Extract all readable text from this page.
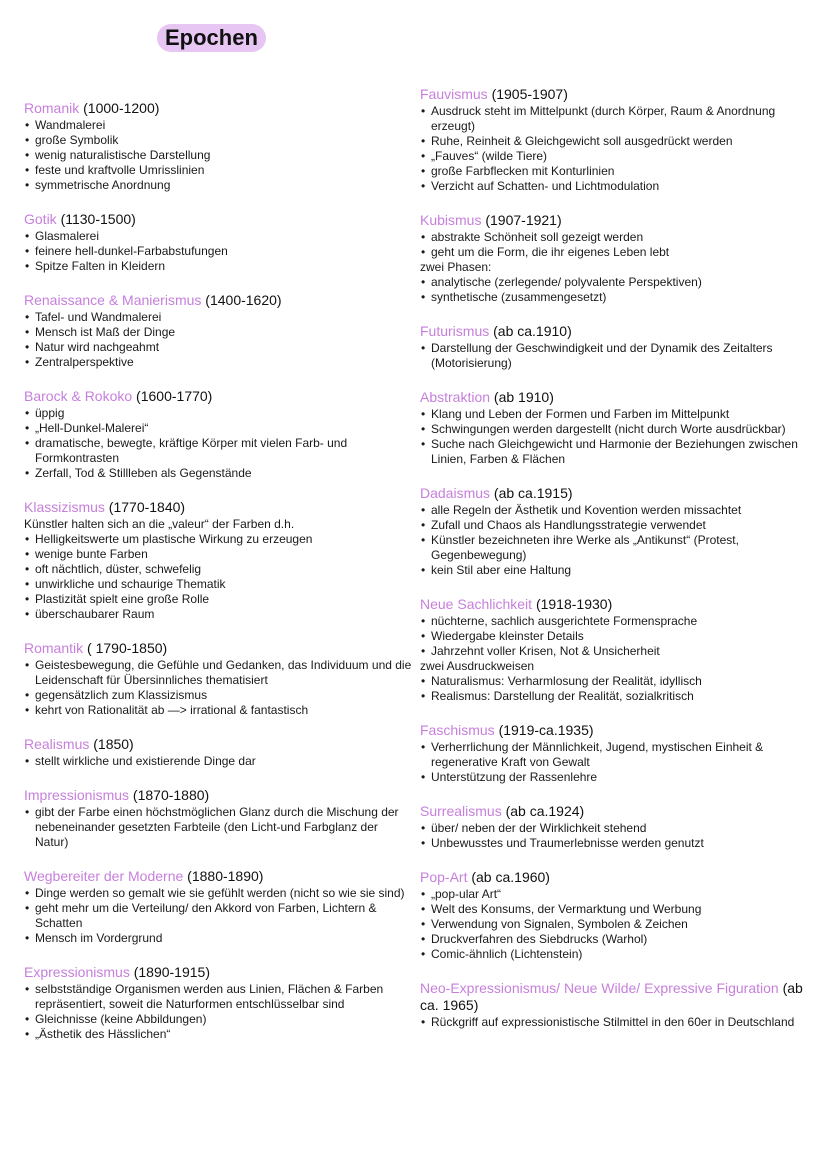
Epochen
Romanik (1000-1200)
• Wandmalerei
• große Symbolik
• wenig naturalistische Darstellung
• feste und kraftvolle Umrisslinien
• symmetrische Anordnung
Gotik (1130-1500)
• Glasmalerei
• feinere hell-dunkel-Farbabstufungen
• Spitze Falten in Kleidern
Renaissance & Manierismus (1400-1620)
• Tafel- und Wandmalerei
• Mensch ist Maß der Dinge
• Natur wird nachgeahmt
• Zentralperspektive
Barock & Rokoko (1600-1770)
• üppig
• „Hell-Dunkel-Malerei“
• dramatische, bewegte, kräftige Körper mit vielen Farb- und Formkontrasten
• Zerfall, Tod & Stillleben als Gegenstände
Klassizismus (1770-1840)
Künstler halten sich an die „valeur“ der Farben d.h.
• Helligkeitswerte um plastische Wirkung zu erzeugen
• wenige bunte Farben
• oft nächtlich, düster, schwefelig
• unwirkliche und schaurige Thematik
• Plastizität spielt eine große Rolle
• überschaubarer Raum
Romantik ( 1790-1850)
• Geistesbewegung, die Gefühle und Gedanken, das Individuum und die Leidenschaft für Übersinnliches thematisiert
• gegensätzlich zum Klassizismus
• kehrt von Rationalität ab —> irrational & fantastisch
Realismus (1850)
• stellt wirkliche und existierende Dinge dar
Impressionismus (1870-1880)
• gibt der Farbe einen höchstmöglichen Glanz durch die Mischung der nebeneinander gesetzten Farbteile (den Licht-und Farbglanz der Natur)
Wegbereiter der Moderne (1880-1890)
• Dinge werden so gemalt wie sie gefühlt werden (nicht so wie sie sind)
• geht mehr um die Verteilung/ den Akkord von Farben, Lichtern & Schatten
• Mensch im Vordergrund
Expressionismus (1890-1915)
• selbstständige Organismen werden aus Linien, Flächen & Farben repräsentiert, soweit die Naturformen entschlüsselbar sind
• Gleichnisse (keine Abbildungen)
• „Ästhetik des Hässlichen“
Fauvismus (1905-1907)
• Ausdruck steht im Mittelpunkt (durch Körper, Raum & Anordnung erzeugt)
• Ruhe, Reinheit & Gleichgewicht soll ausgedrückt werden
• „Fauves“ (wilde Tiere)
• große Farbflecken mit Konturlinien
• Verzicht auf Schatten- und Lichtmodulation
Kubismus (1907-1921)
• abstrakte Schönheit soll gezeigt werden
• geht um die Form, die ihr eigenes Leben lebt
zwei Phasen:
• analytische (zerlegende/ polyvalente Perspektiven)
• synthetische (zusammengesetzt)
Futurismus (ab ca.1910)
• Darstellung der Geschwindigkeit und der Dynamik des Zeitalters (Motorisierung)
Abstraktion (ab 1910)
• Klang und Leben der Formen und Farben im Mittelpunkt
• Schwingungen werden dargestellt (nicht durch Worte ausdrückbar)
• Suche nach Gleichgewicht und Harmonie der Beziehungen zwischen Linien, Farben & Flächen
Dadaismus (ab ca.1915)
• alle Regeln der Ästhetik und Kovention werden missachtet
• Zufall und Chaos als Handlungsstrategie verwendet
• Künstler bezeichneten ihre Werke als „Antikunst“ (Protest, Gegenbewegung)
• kein Stil aber eine Haltung
Neue Sachlichkeit (1918-1930)
• nüchterne, sachlich ausgerichtete Formensprache
• Wiedergabe kleinster Details
• Jahrzehnt voller Krisen, Not & Unsicherheit
zwei Ausdruckweisen
• Naturalismus: Verharmlosung der Realität, idyllisch
• Realismus: Darstellung der Realität, sozialkritisch
Faschismus (1919-ca.1935)
• Verherrlichung der Männlichkeit, Jugend, mystischen Einheit & regenerative Kraft von Gewalt
• Unterstützung der Rassenlehre
Surrealismus (ab ca.1924)
• über/ neben der der Wirklichkeit stehend
• Unbewusstes und Traumerlebnisse werden genutzt
Pop-Art (ab ca.1960)
• „pop-ular Art“
• Welt des Konsums, der Vermarktung und Werbung
• Verwendung von Signalen, Symbolen & Zeichen
• Druckverfahren des Siebdrucks (Warhol)
• Comic-ähnlich (Lichtenstein)
Neo-Expressionismus/ Neue Wilde/ Expressive Figuration (ab ca. 1965)
• Rückgriff auf expressionistische Stilmittel in den 60er in Deutschland
